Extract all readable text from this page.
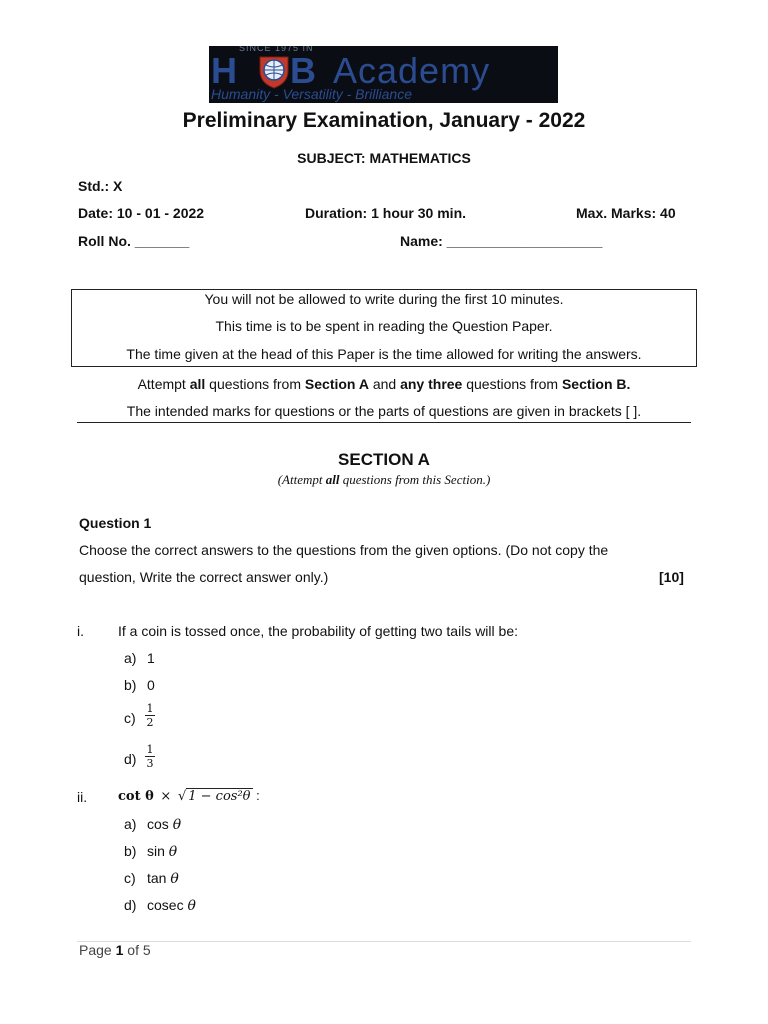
SINCE 1975 IN
H B Academy
Humanity - Versatility - Brilliance
Preliminary Examination, January - 2022
SUBJECT: MATHEMATICS
Std.: X
Date: 10 - 01 - 2022	Duration: 1 hour 30 min.	Max. Marks: 40
Roll No. _______	Name: ____________________
You will not be allowed to write during the first 10 minutes.
This time is to be spent in reading the Question Paper.
The time given at the head of this Paper is the time allowed for writing the answers.
Attempt all questions from Section A and any three questions from Section B.
The intended marks for questions or the parts of questions are given in brackets [ ].
SECTION A
(Attempt all questions from this Section.)
Question 1
Choose the correct answers to the questions from the given options. (Do not copy the
question, Write the correct answer only.)	[10]
i. If a coin is tossed once, the probability of getting two tails will be:
a) 1
b) 0
c)
1
2
d)
1
3
ii. cot θ × √ 1 − cos²θ :
a) cos θ
b) sin θ
c) tan θ
d) cosec θ
Page 1 of 5
